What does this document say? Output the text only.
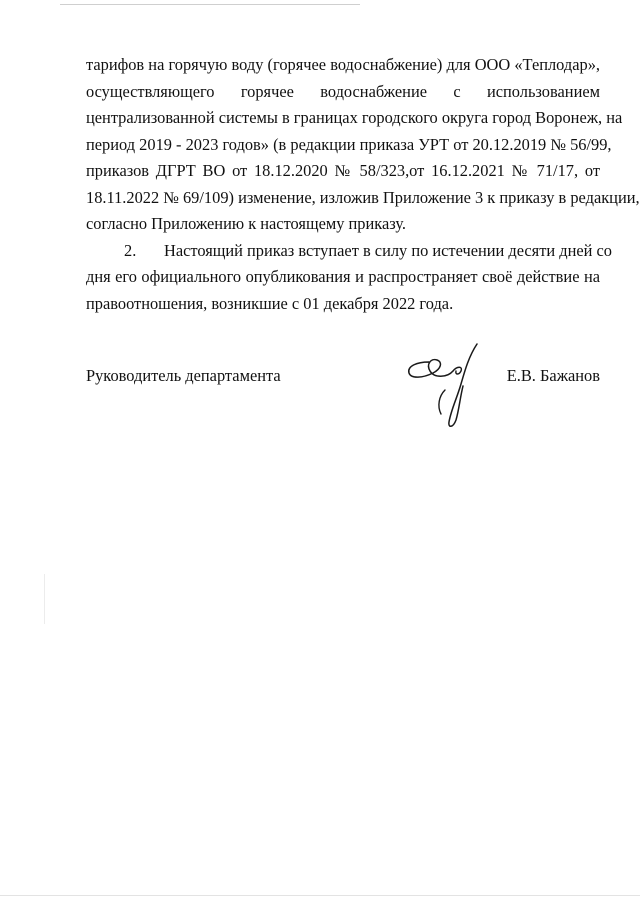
тарифов на горячую воду (горячее водоснабжение) для ООО «Теплодар»,
осуществляющего горячее водоснабжение с использованием
централизованной системы в границах городского округа город Воронеж, на
период 2019 - 2023 годов» (в редакции приказа УРТ от 20.12.2019 № 56/99,
приказов ДГРТ ВО от 18.12.2020 № 58/323,от 16.12.2021 № 71/17, от
18.11.2022 № 69/109) изменение, изложив Приложение 3 к приказу в редакции,
согласно Приложению к настоящему приказу.
2.	Настоящий приказ вступает в силу по истечении десяти дней со
дня его официального опубликования и распространяет своё действие на
правоотношения, возникшие с 01 декабря 2022 года.
Руководитель департамента	Е.В. Бажанов
